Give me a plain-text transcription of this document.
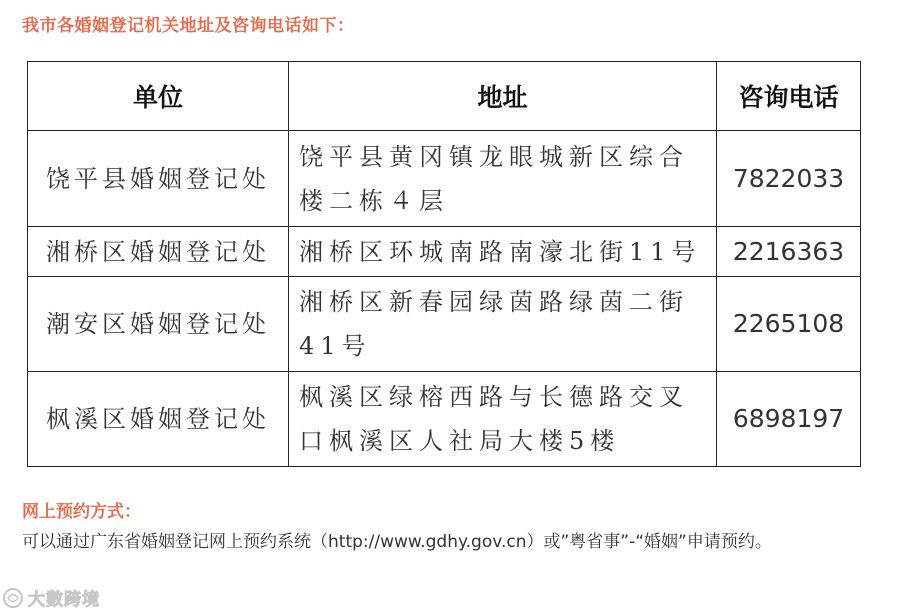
我市各婚姻登记机关地址及咨询电话如下：
单位	地址	咨询电话
饶平县婚姻登记处	饶平县黄冈镇龙眼城新区综合楼二栋４层	7822033
湘桥区婚姻登记处	湘桥区环城南路南濠北街11号	2216363
潮安区婚姻登记处	湘桥区新春园绿茵路绿茵二街41号	2265108
枫溪区婚姻登记处	枫溪区绿榕西路与长德路交叉口枫溪区人社局大楼5楼	6898197
网上预约方式：
可以通过广东省婚姻登记网上预约系统（http://www.gdhy.gov.cn）或”粤省事”-“婚姻”申请预约。
大數跨境
